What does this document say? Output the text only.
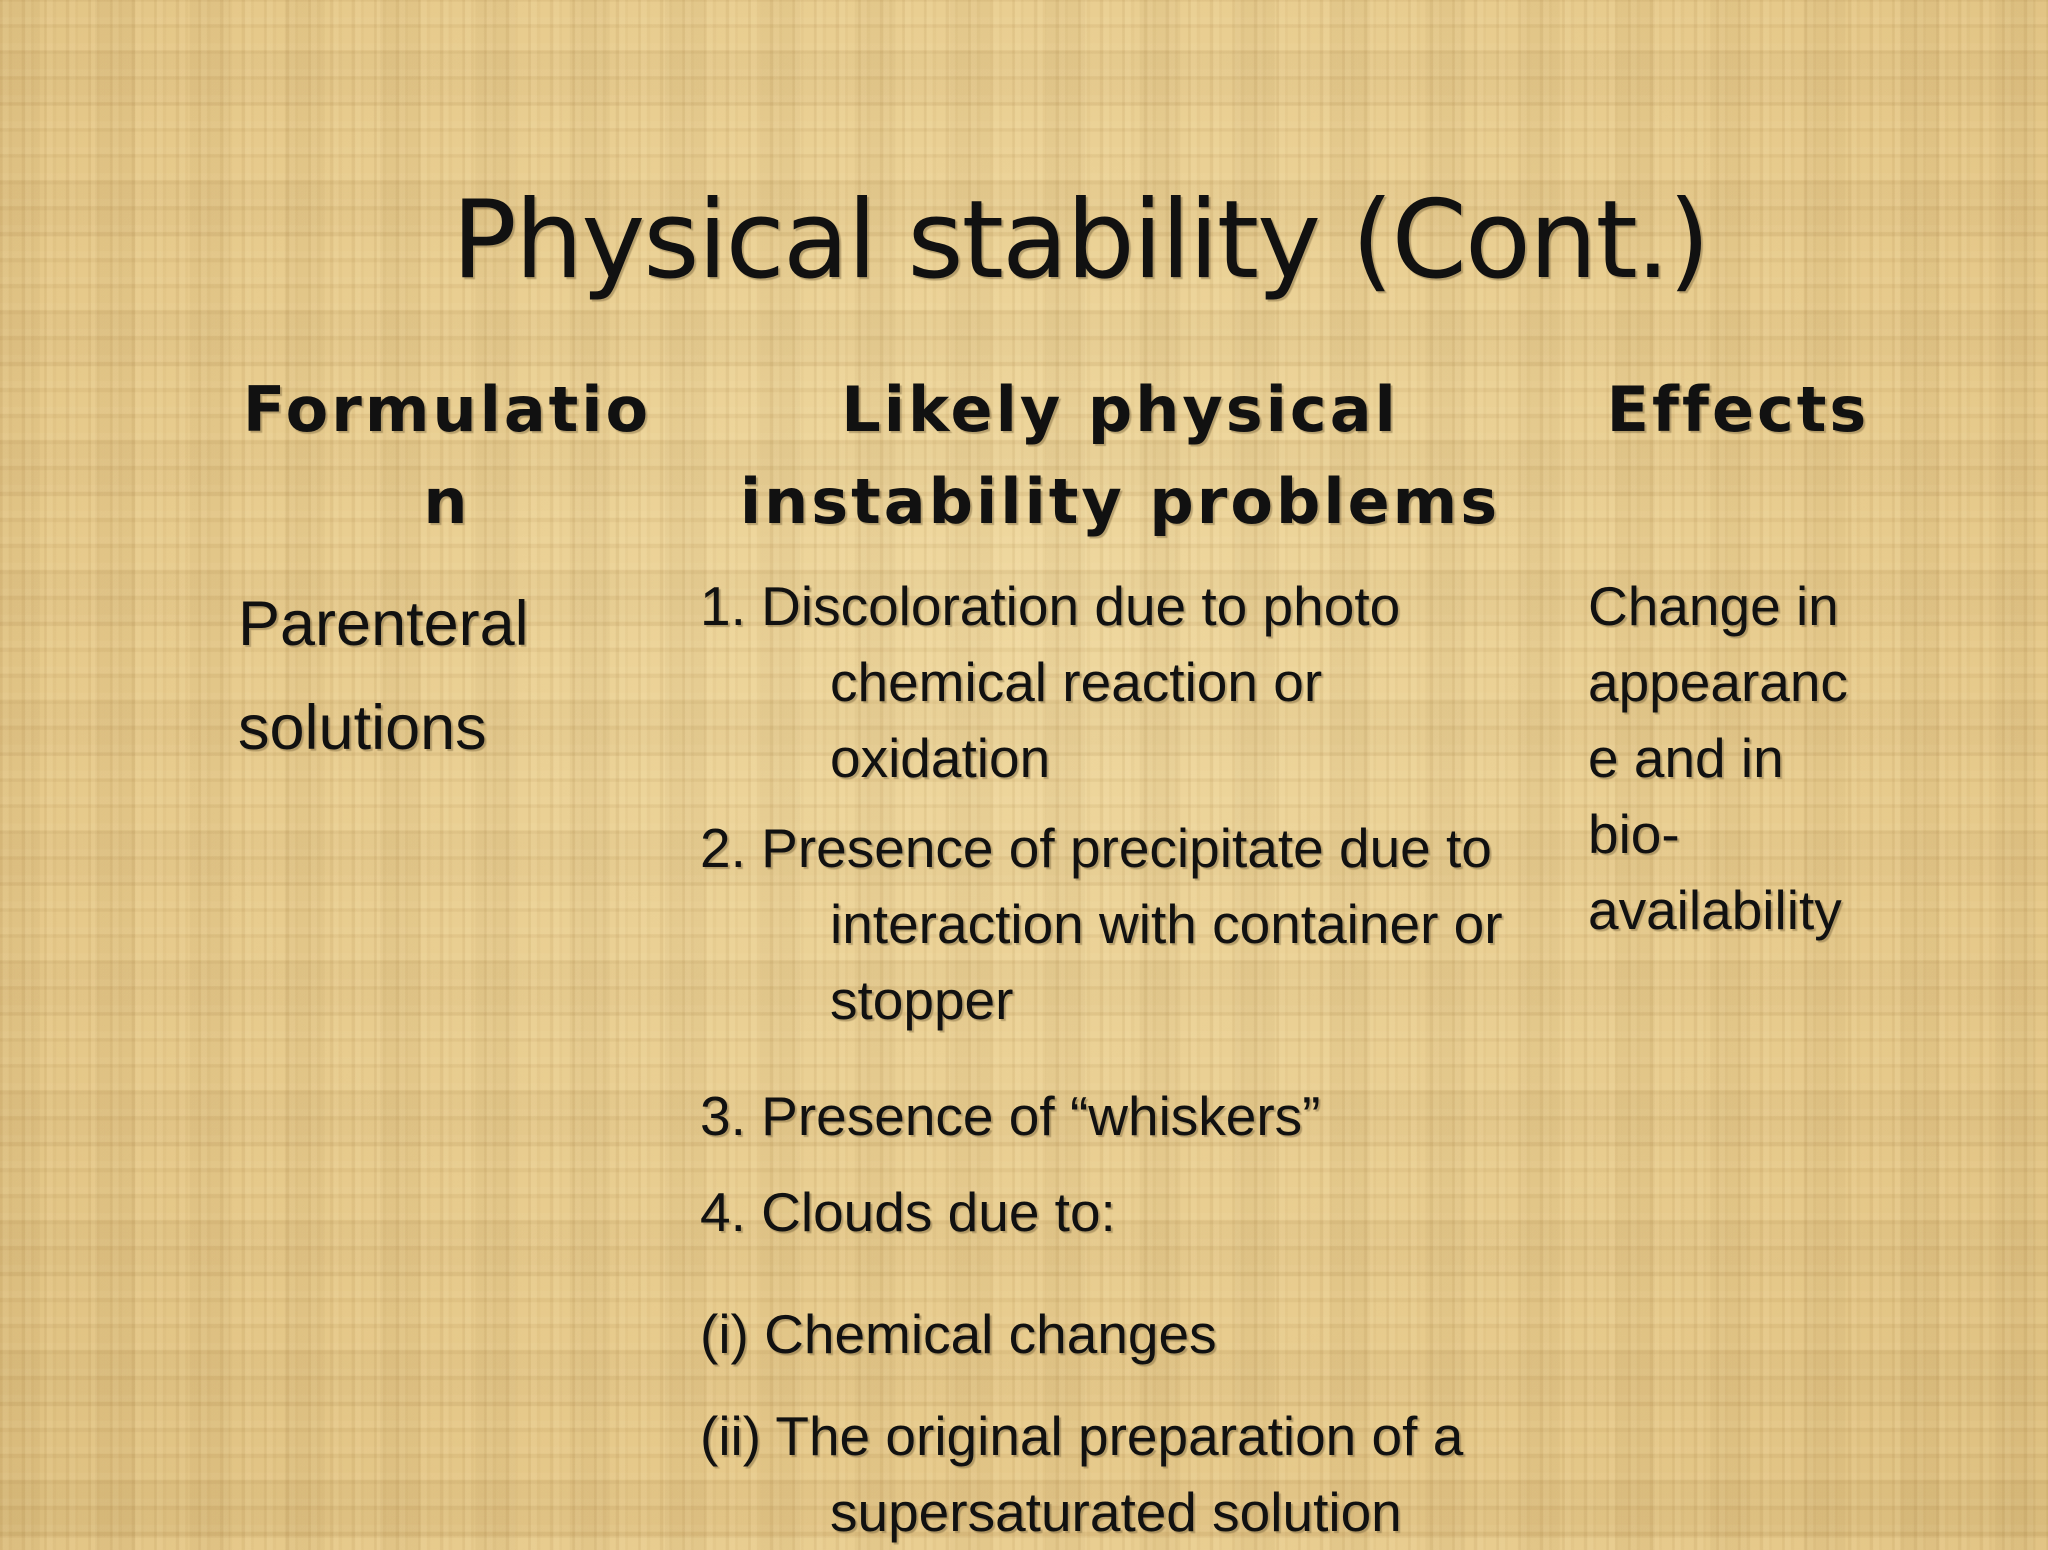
Physical stability (Cont.)
Formulatio
n
Likely physical
instability problems
Effects
Parenteral
solutions
1. Discoloration due to photo chemical reaction or oxidation
2. Presence of precipitate due to interaction with container or stopper
3. Presence of “whiskers”
4. Clouds due to:
(i) Chemical changes
(ii) The original preparation of a supersaturated solution
Change in
appearanc
e and in
bio-
availability
